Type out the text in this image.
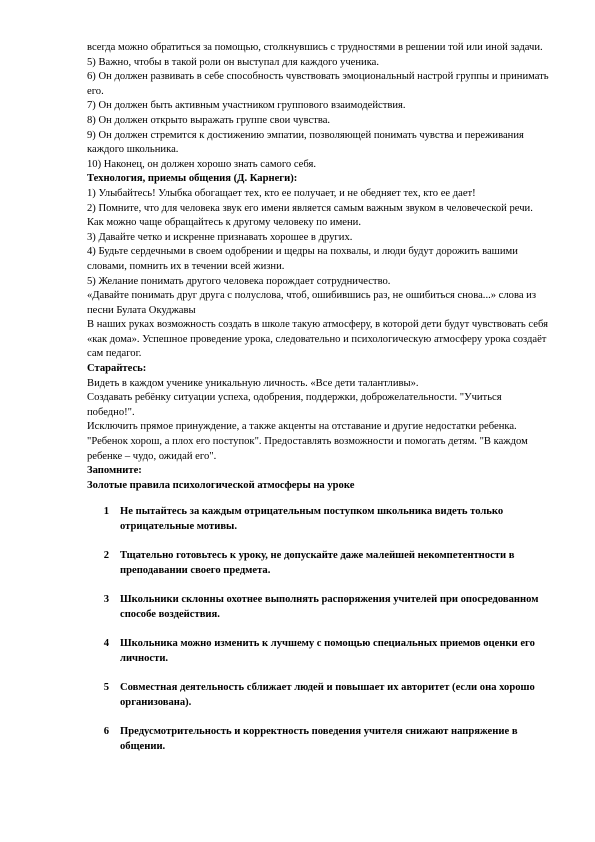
всегда можно обратиться за помощью, столкнувшись с трудностями в решении той или иной задачи.

5) Важно, чтобы в такой роли он выступал для каждого ученика.

6) Он должен развивать в себе способность чувствовать эмоциональный настрой группы и принимать его.

7) Он должен быть активным участником группового взаимодействия.

8) Он должен открыто выражать группе свои чувства.

9) Он должен стремится к достижению эмпатии, позволяющей понимать чувства и переживания каждого школьника.

10) Наконец, он должен хорошо знать самого себя.

Технология, приемы общения (Д. Карнеги):

1) Улыбайтесь! Улыбка обогащает тех, кто ее получает, и не обедняет тех, кто ее дает!

2) Помните, что для человека звук его имени является самым важным звуком в человеческой речи. Как можно чаще обращайтесь к другому человеку по имени.

3) Давайте четко и искренне признавать хорошее в других.

4) Будьте сердечными в своем одобрении и щедры на похвалы, и люди будут дорожить вашими словами, помнить их в течении всей жизни.

5) Желание понимать другого человека порождает сотрудничество.

«Давайте понимать друг друга с полуслова, чтоб, ошибившись раз, не ошибиться снова...» слова из песни Булата Окуджавы

В наших руках возможность создать в школе такую атмосферу, в которой дети будут чувствовать себя «как дома». Успешное проведение урока, следовательно и психологическую атмосферу урока создаёт сам педагог.

Старайтесь:

Видеть в каждом ученике уникальную личность. «Все дети талантливы».

Создавать ребёнку ситуации успеха, одобрения, поддержки, доброжелательности. "Учиться победно!".

Исключить прямое принуждение, а также акценты на отставание и другие недостатки ребенка. "Ребенок хорош, а плох его поступок". Предоставлять возможности и помогать детям. "В каждом ребенке – чудо, ожидай его".

Запомните:

Золотые правила психологической атмосферы на уроке

1	Не пытайтесь за каждым отрицательным поступком школьника видеть только отрицательные мотивы.
2	Тщательно готовьтесь к уроку, не допускайте даже малейшей некомпетентности в преподавании своего предмета.
3	Школьники склонны охотнее выполнять распоряжения учителей при опосредованном способе воздействия.
4	Школьника можно изменить к лучшему с помощью специальных приемов оценки его личности.
5	Совместная деятельность сближает людей и повышает их авторитет (если она хорошо организована).
6	Предусмотрительность и корректность поведения учителя снижают напряжение в общении.
